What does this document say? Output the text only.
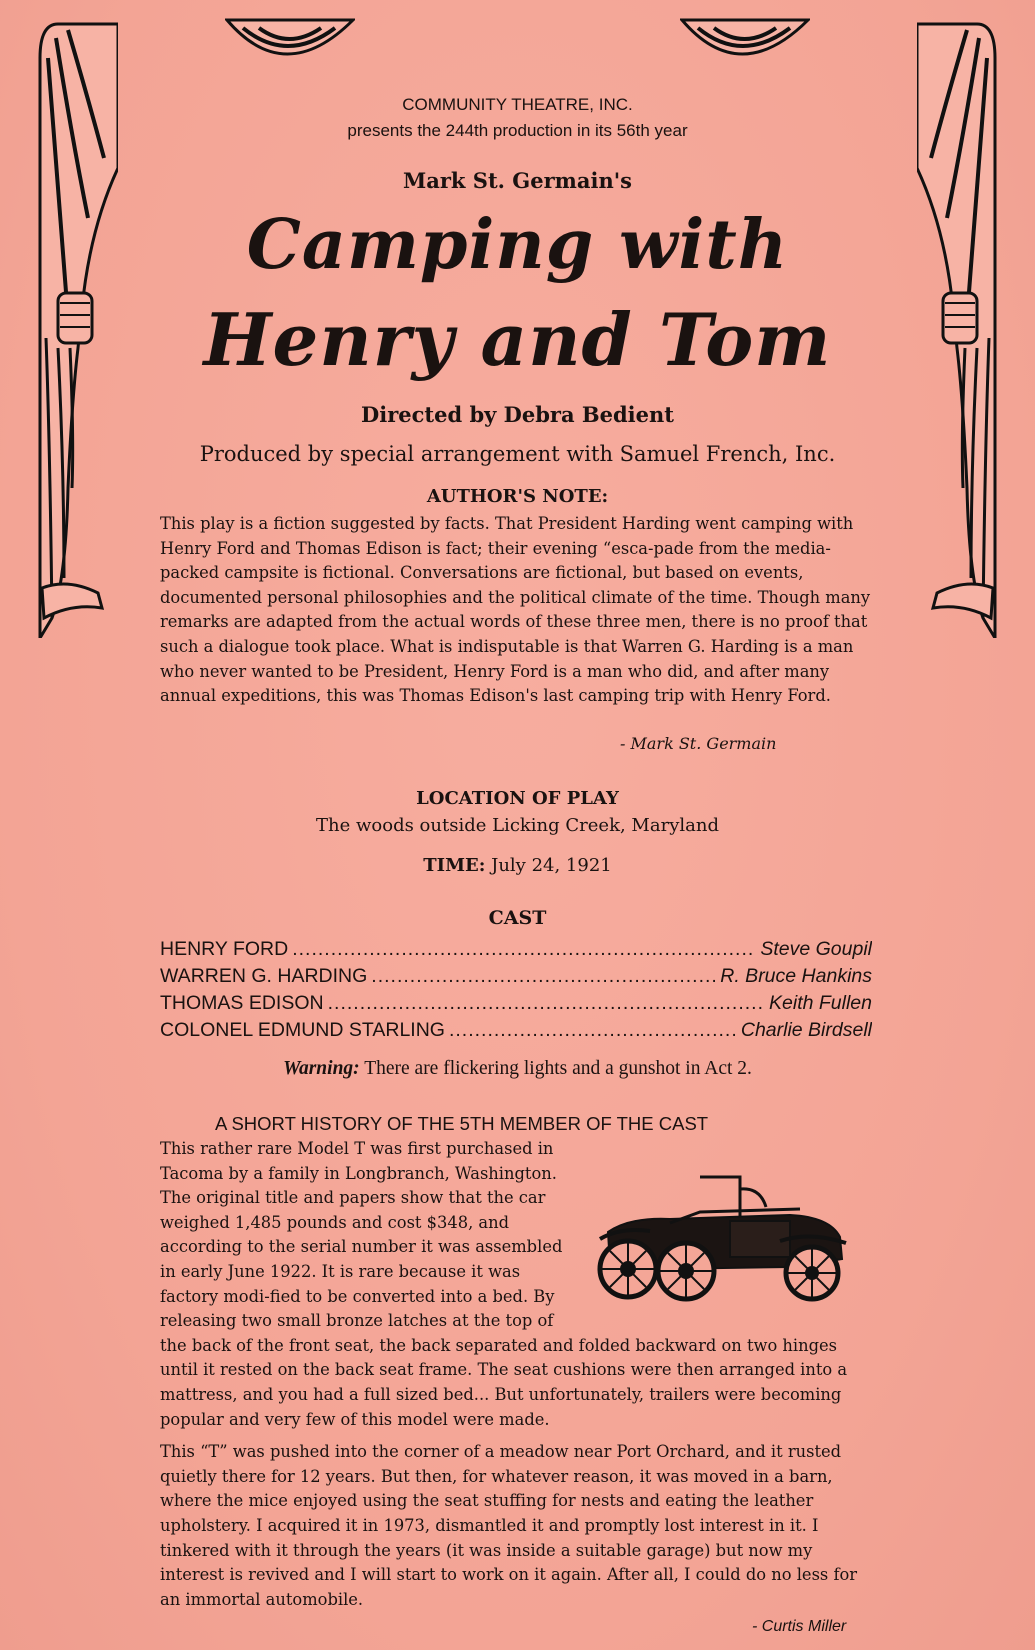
COMMUNITY THEATRE, INC.
presents the 244th production in its 56th year
Mark St. Germain's
Camping with
Henry and Tom
Directed by Debra Bedient
Produced by special arrangement with Samuel French, Inc.
AUTHOR'S NOTE:
This play is a fiction suggested by facts. That President Harding went camping with Henry Ford and Thomas Edison is fact; their evening “esca-pade from the media-packed campsite is fictional. Conversations are fictional, but based on events, documented personal philosophies and the political climate of the time. Though many remarks are adapted from the actual words of these three men, there is no proof that such a dialogue took place. What is indisputable is that Warren G. Harding is a man who never wanted to be President, Henry Ford is a man who did, and after many annual expeditions, this was Thomas Edison's last camping trip with Henry Ford.
- Mark St. Germain
LOCATION OF PLAY
The woods outside Licking Creek, Maryland
TIME: July 24, 1921
CAST
HENRY FORD .....	Steve Goupil
WARREN G. HARDING .....	R. Bruce Hankins
THOMAS EDISON .....	Keith Fullen
COLONEL EDMUND STARLING .....	Charlie Birdsell
Warning: There are flickering lights and a gunshot in Act 2.
A SHORT HISTORY OF THE 5TH MEMBER OF THE CAST
This rather rare Model T was first purchased in Tacoma by a family in Longbranch, Washington. The original title and papers show that the car weighed 1,485 pounds and cost $348, and according to the serial number it was assembled in early June 1922. It is rare because it was factory modi-fied to be converted into a bed. By releasing two small bronze latches at the top of the back of the front seat, the back separated and folded backward on two hinges until it rested on the back seat frame. The seat cushions were then arranged into a mattress, and you had a full sized bed... But unfortunately, trailers were becoming popular and very few of this model were made.
This “T” was pushed into the corner of a meadow near Port Orchard, and it rusted quietly there for 12 years. But then, for whatever reason, it was moved in a barn, where the mice enjoyed using the seat stuffing for nests and eating the leather upholstery. I acquired it in 1973, dismantled it and promptly lost interest in it. I tinkered with it through the years (it was inside a suitable garage) but now my interest is revived and I will start to work on it again. After all, I could do no less for an immortal automobile.
- Curtis Miller
